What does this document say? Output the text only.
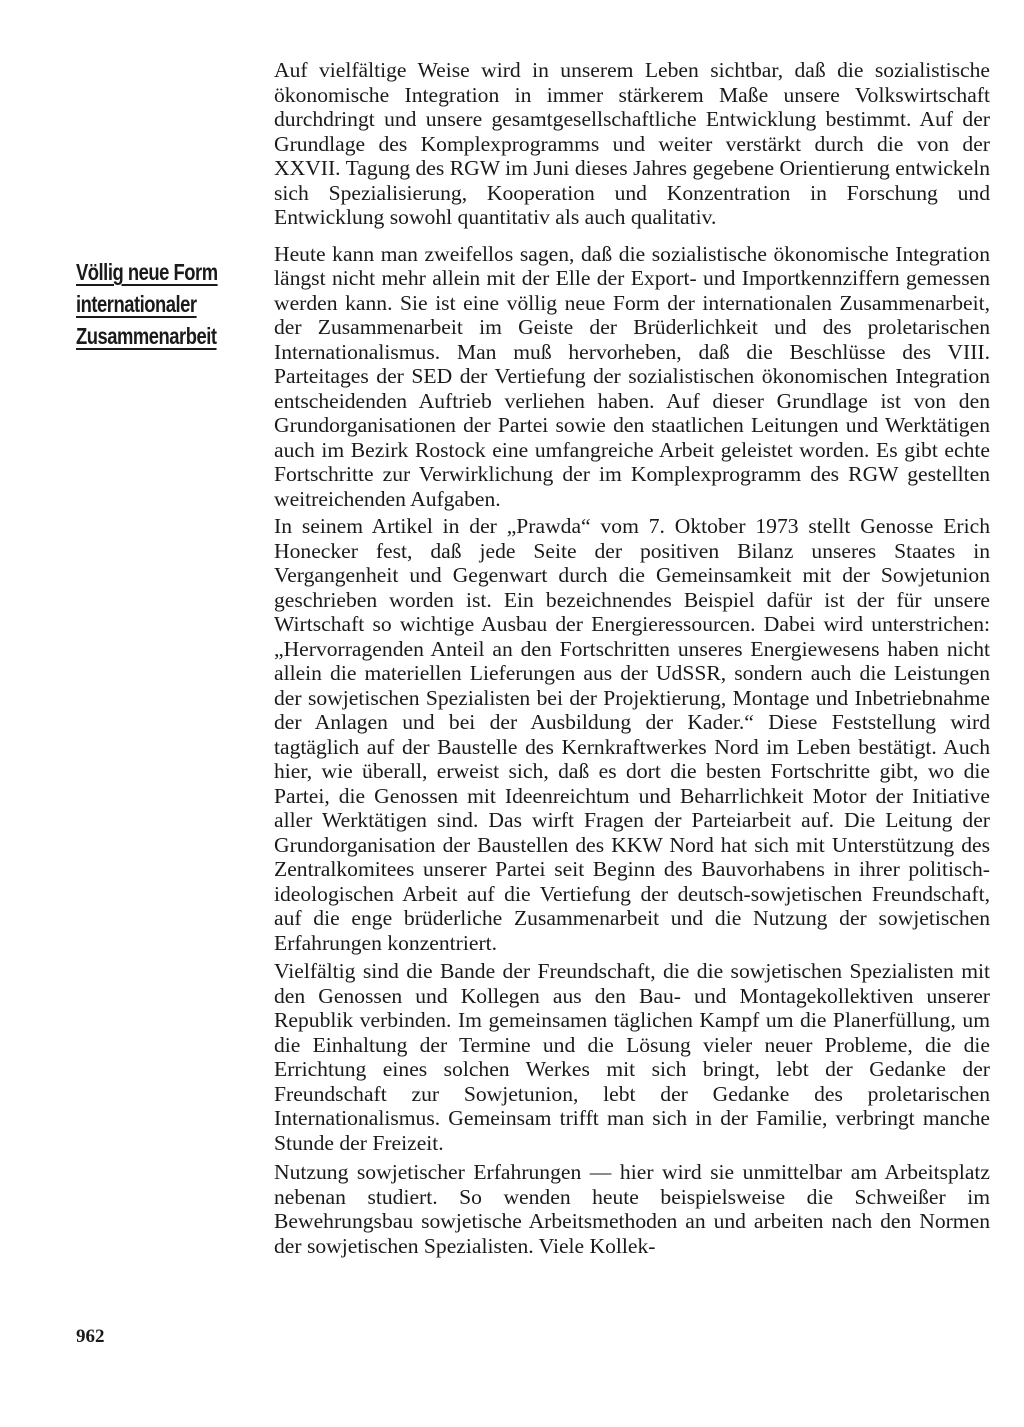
Völlig neue Form
internationaler
Zusammenarbeit

Auf vielfältige Weise wird in unserem Leben sichtbar, daß die sozialistische ökonomische Integration in immer stärkerem Maße unsere Volkswirtschaft durchdringt und unsere gesamtgesellschaftliche Entwicklung bestimmt. Auf der Grundlage des Komplexprogramms und weiter verstärkt durch die von der XXVII. Tagung des RGW im Juni dieses Jahres gegebene Orientierung entwickeln sich Spezialisierung, Kooperation und Konzentration in Forschung und Entwicklung sowohl quantitativ als auch qualitativ.

Heute kann man zweifellos sagen, daß die sozialistische ökonomische Integration längst nicht mehr allein mit der Elle der Export- und Importkennziffern gemessen werden kann. Sie ist eine völlig neue Form der internationalen Zusammenarbeit, der Zusammenarbeit im Geiste der Brüderlichkeit und des proletarischen Internationalismus. Man muß hervorheben, daß die Beschlüsse des VIII. Parteitages der SED der Vertiefung der sozialistischen ökonomischen Integration entscheidenden Auftrieb verliehen haben. Auf dieser Grundlage ist von den Grundorganisationen der Partei sowie den staatlichen Leitungen und Werktätigen auch im Bezirk Rostock eine umfangreiche Arbeit geleistet worden. Es gibt echte Fortschritte zur Verwirklichung der im Komplexprogramm des RGW gestellten weitreichenden Aufgaben.

In seinem Artikel in der „Prawda“ vom 7. Oktober 1973 stellt Genosse Erich Honecker fest, daß jede Seite der positiven Bilanz unseres Staates in Vergangenheit und Gegenwart durch die Gemeinsamkeit mit der Sowjetunion geschrieben worden ist. Ein bezeichnendes Beispiel dafür ist der für unsere Wirtschaft so wichtige Ausbau der Energieressourcen. Dabei wird unterstrichen: „Hervorragenden Anteil an den Fortschritten unseres Energiewesens haben nicht allein die materiellen Lieferungen aus der UdSSR, sondern auch die Leistungen der sowjetischen Spezialisten bei der Projektierung, Montage und Inbetriebnahme der Anlagen und bei der Ausbildung der Kader.“ Diese Feststellung wird tagtäglich auf der Baustelle des Kernkraftwerkes Nord im Leben bestätigt. Auch hier, wie überall, erweist sich, daß es dort die besten Fortschritte gibt, wo die Partei, die Genossen mit Ideenreichtum und Beharrlichkeit Motor der Initiative aller Werktätigen sind. Das wirft Fragen der Parteiarbeit auf. Die Leitung der Grundorganisation der Baustellen des KKW Nord hat sich mit Unterstützung des Zentralkomitees unserer Partei seit Beginn des Bauvorhabens in ihrer politisch-ideologischen Arbeit auf die Vertiefung der deutsch-sowjetischen Freundschaft, auf die enge brüderliche Zusammenarbeit und die Nutzung der sowjetischen Erfahrungen konzentriert.

Vielfältig sind die Bande der Freundschaft, die die sowjetischen Spezialisten mit den Genossen und Kollegen aus den Bau- und Montagekollektiven unserer Republik verbinden. Im gemeinsamen täglichen Kampf um die Planerfüllung, um die Einhaltung der Termine und die Lösung vieler neuer Probleme, die die Errichtung eines solchen Werkes mit sich bringt, lebt der Gedanke der Freundschaft zur Sowjetunion, lebt der Gedanke des proletarischen Internationalismus. Gemeinsam trifft man sich in der Familie, verbringt manche Stunde der Freizeit.

Nutzung sowjetischer Erfahrungen — hier wird sie unmittelbar am Arbeitsplatz nebenan studiert. So wenden heute beispielsweise die Schweißer im Bewehrungsbau sowjetische Arbeitsmethoden an und arbeiten nach den Normen der sowjetischen Spezialisten. Viele Kollek-

962
